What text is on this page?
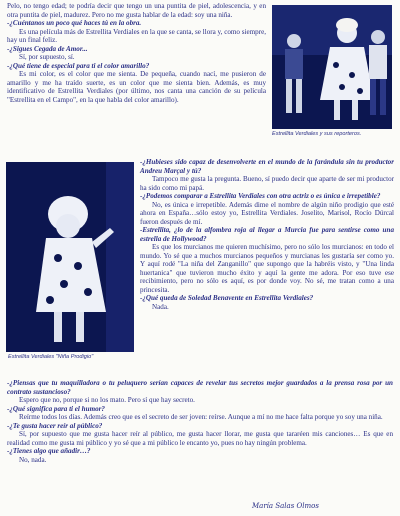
Pelo, no tengo edad; te podría decir que tengo un una puntita de piel, adolescencia, y en otra puntita de piel, madurez. Pero no me gusta hablar de la edad: soy una niña.

-¿Cuéntanos un poco qué haces tú en la obra.

Es una película más de Estrellita Verdiales en la que se canta, se llora y, como siempre, hay un final feliz.

-¿Sigues Cegada de Amor...

Sí, por supuesto, sí.

-¿Qué tiene de especial para ti el color amarillo?

Es mi color, es el color que me sienta. De pequeña, cuando nací, me pusieron de amarillo y me ha traído suerte, es un color que me sienta bien. Además, es muy identificativo de Estrellita Verdiales (por último, nos canta una canción de su película "Estrellita en el Campo", en la que habla del color amarillo).

Estrellita Verdiales y sus reporteros.
Estrellita Verdiales "Niña Prodigio"

-¿Hubieses sido capaz de desenvolverte en el mundo de la farándula sin tu productor Andreu Marçal y tú?

Tampoco me gusta la pregunta. Bueno, sí puedo decir que aparte de ser mi productor ha sido como mi papá.

-¿Podemos comparar a Estrellita Verdiales con otra actriz o es única e irrepetible?

No, es única e irrepetible. Además dime el nombre de algún niño prodigio que esté ahora en España…sólo estoy yo, Estrellita Verdiales. Joselito, Marisol, Rocío Dúrcal fueron después de mí.

-Estrellita, ¿lo de la alfombra roja al llegar a Murcia fue para sentirse como una estrella de Hollywood?

Es que los murcianos me quieren muchísimo, pero no sólo los murcianos: en todo el mundo. Yo sé que a muchos murcianos pequeños y murcianas les gustaría ser como yo. Y aquí rodé "La niña del Zanganillo" que supongo que la habréis visto, y "Una linda huertanica" que tuvieron mucho éxito y aquí la gente me adora. Por eso tuve ese recibimiento, pero no sólo es aquí, es por donde voy. No sé, me tratan como a una princesita.

-¿Qué queda de Soledad Benavente en Estrellita Verdiales?

Nada.

-¿Piensas que tu maquilladora o tu peluquero serían capaces de revelar tus secretos mejor guardados a la prensa rosa por un contrato sustancioso?

Espero que no, porque si no los mato. Pero sí que hay secreto.

-¿Qué significa para ti el humor?

Reírme todos los días. Además creo que es el secreto de ser joven: reírse. Aunque a mí no me hace falta porque yo soy una niña.

-¿Te gusta hacer reír al público?

Sí, por supuesto que me gusta hacer reír al público, me gusta hacer llorar, me gusta que tararéen mis canciones… Es que en realidad como me gusta mi público y yo sé que a mi público le encanto yo, pues no hay ningún problema.

-¿Tienes algo que añadir…?

No, nada.

María Salas Olmos
